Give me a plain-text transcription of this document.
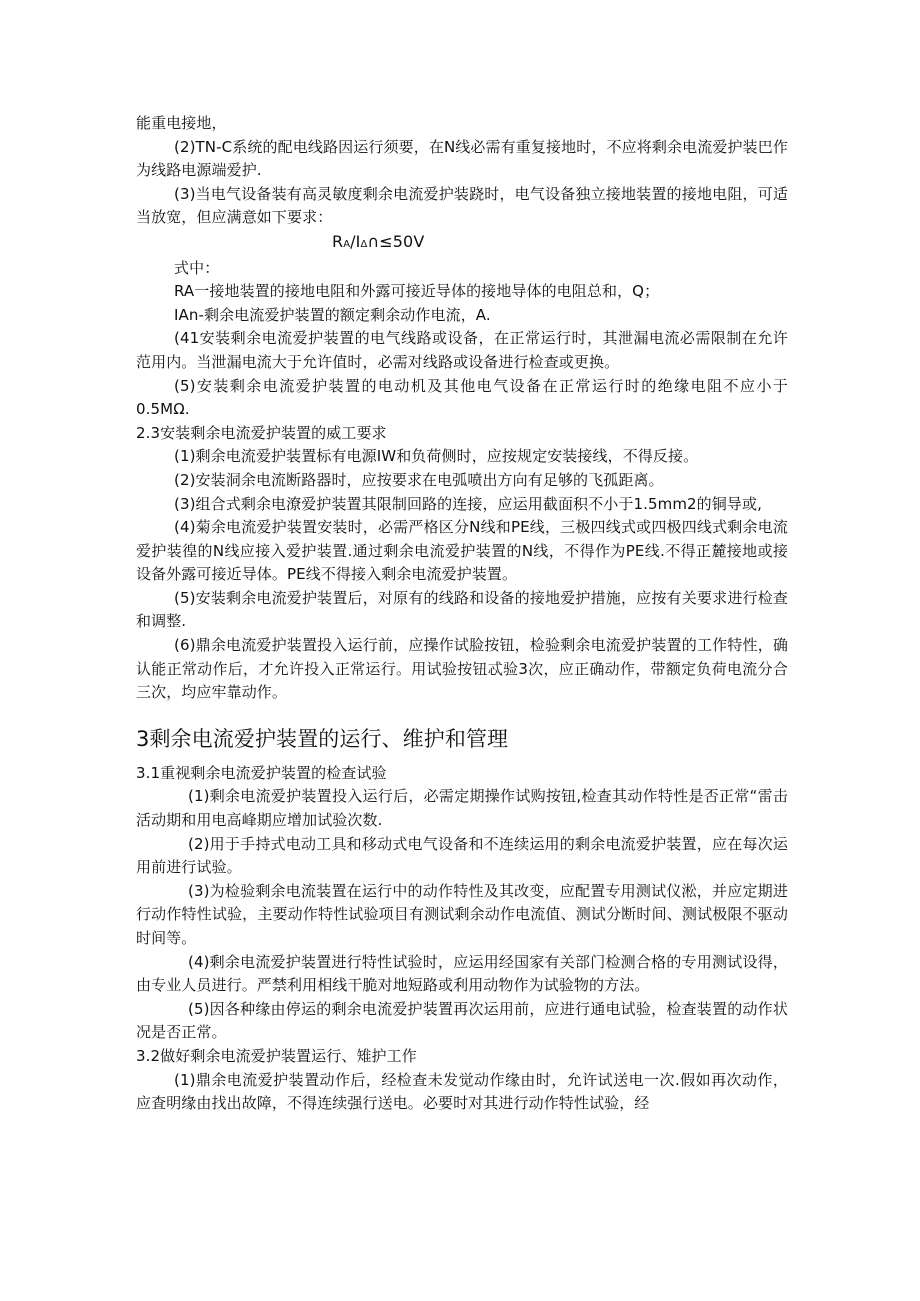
能重电接地，

(2)TN-C系统的配电线路因运行须要，在N线必需有重复接地时，不应将剩余电流爱护装巴作为线路电源端爱护.

(3)当电气设备装有高灵敏度剩余电流爱护装跷时，电气设备独立接地装置的接地电阻，可适当放宽，但应满意如下要求：

RA/IΔ∩≤50V

式中：

RA一接地装置的接地电阻和外露可接近导体的接地导体的电阻总和，Q；

IAn-剩余电流爱护装置的额定剩余动作电流，A.

(41安装剩余电流爱护装置的电气线路或设备，在正常运行时，其泄漏电流必需限制在允许范用内。当泄漏电流大于允许值时，必需对线路或设备进行检查或更换。

(5)安装剩余电流爱护装置的电动机及其他电气设备在正常运行时的绝缘电阻不应小于0.5MΩ.

2.3安装剩余电流爱护装置的威工要求

(1)剩余电流爱护装置标有电源IW和负荷侧时，应按规定安装接线，不得反接。

(2)安装洞余电流断路器时，应按要求在电弧喷出方向有足够的飞孤距离。

(3)组合式剩余电潦爱护装置其限制回路的连接，应运用截面积不小于1.5mm2的铜导或,

(4)菊余电流爱护装置安装时，必需严格区分N线和PE线，三极四线式或四极四线式剩余电流爱护装徨的N线应接入爱护装置.通过剩余电流爱护装置的N线，不得作为PE线.不得正麓接地或接设备外露可接近导体。PE线不得接入剩余电流爱护装置。

(5)安装剩余电流爱护装置后，对原有的线路和设备的接地爱护措施，应按有关要求进行检查和调整.

(6)鼎余电流爱护装置投入运行前，应操作试脸按钮，检验剩余电流爱护装置的工作特性，确认能正常动作后，才允许投入正常运行。用试验按钮忒验3次，应正确动作，带额定负荷电流分合三次，均应牢靠动作。

3剩余电流爱护装置的运行、维护和管理

3.1重视剩余电流爱护装置的检查试验

(1)剩余电流爱护装置投入运行后，必需定期操作试购按钮,检查其动作特性是否正常“雷击活动期和用电高峰期应增加试验次数.

(2)用于手持式电动工具和移动式电气设备和不连续运用的剩余电流爱护装置，应在每次运用前进行试验。

(3)为检验剩余电流装置在运行中的动作特性及其改变，应配置专用测试仪淞，并应定期进行动作特性试验，主要动作特性试验项目有测试剩余动作电流值、测试分断时间、测试极限不驱动时间等。

(4)剩余电流爱护装置进行特性试验时，应运用经国家有关部门检测合格的专用测试设得，由专业人员进行。严禁利用相线干脆对地短路或利用动物作为试验物的方法。

(5)因各种缘由停运的剩余电流爱护装置再次运用前，应进行通电试验，检查装置的动作状况是否正常。

3.2做好剩余电流爱护装置运行、雉护工作

(1)鼎余电流爱护装置动作后，经检查未发觉动作缘由时，允许试送电一次.假如再次动作，应査明缘由找出故障，不得连续强行送电。必要时对其进行动作特性试验，经
